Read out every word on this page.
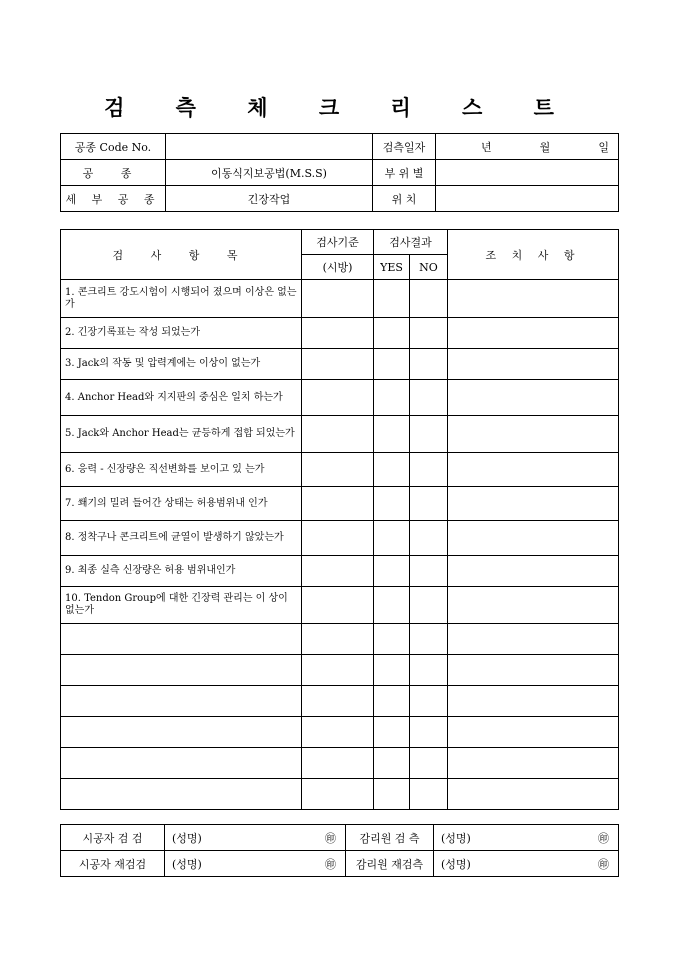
검 측 체 크 리 스 트
공종 Code No.		검측일자	년 월 일

공 종	이동식지보공법(M.S.S)	부 위 별	
세 부 공 종	긴장작업	위 치	
검 사 항 목	검사기준	검사결과		조 치 사 항
	(시방)	YES	NO	
1. 콘크리트 강도시험이 시행되어 졌으며 이상은 없는가				
2. 긴장기록표는 작성 되었는가				
3. Jack의 작동 및 압력계에는 이상이 없는가				
4. Anchor Head와 지지판의 중심은 일치 하는가				
5. Jack와 Anchor Head는 균등하게 접합 되었는가				
6. 응력 - 신장량은 직선변화를 보이고 있 는가				
7. 쐐기의 밀려 들어간 상태는 허용범위내 인가				
8. 정착구나 콘크리트에 균열이 발생하기 않았는가				
9. 최종 실측 신장량은 허용 범위내인가				
10. Tendon Group에 대한 긴장력 관리는 이 상이 없는가				

시공자 검 검	(성명) ㊞	감리원 검 측	(성명) ㊞

시공자 재검검	(성명) ㊞	감리원 재검측	(성명) ㊞
